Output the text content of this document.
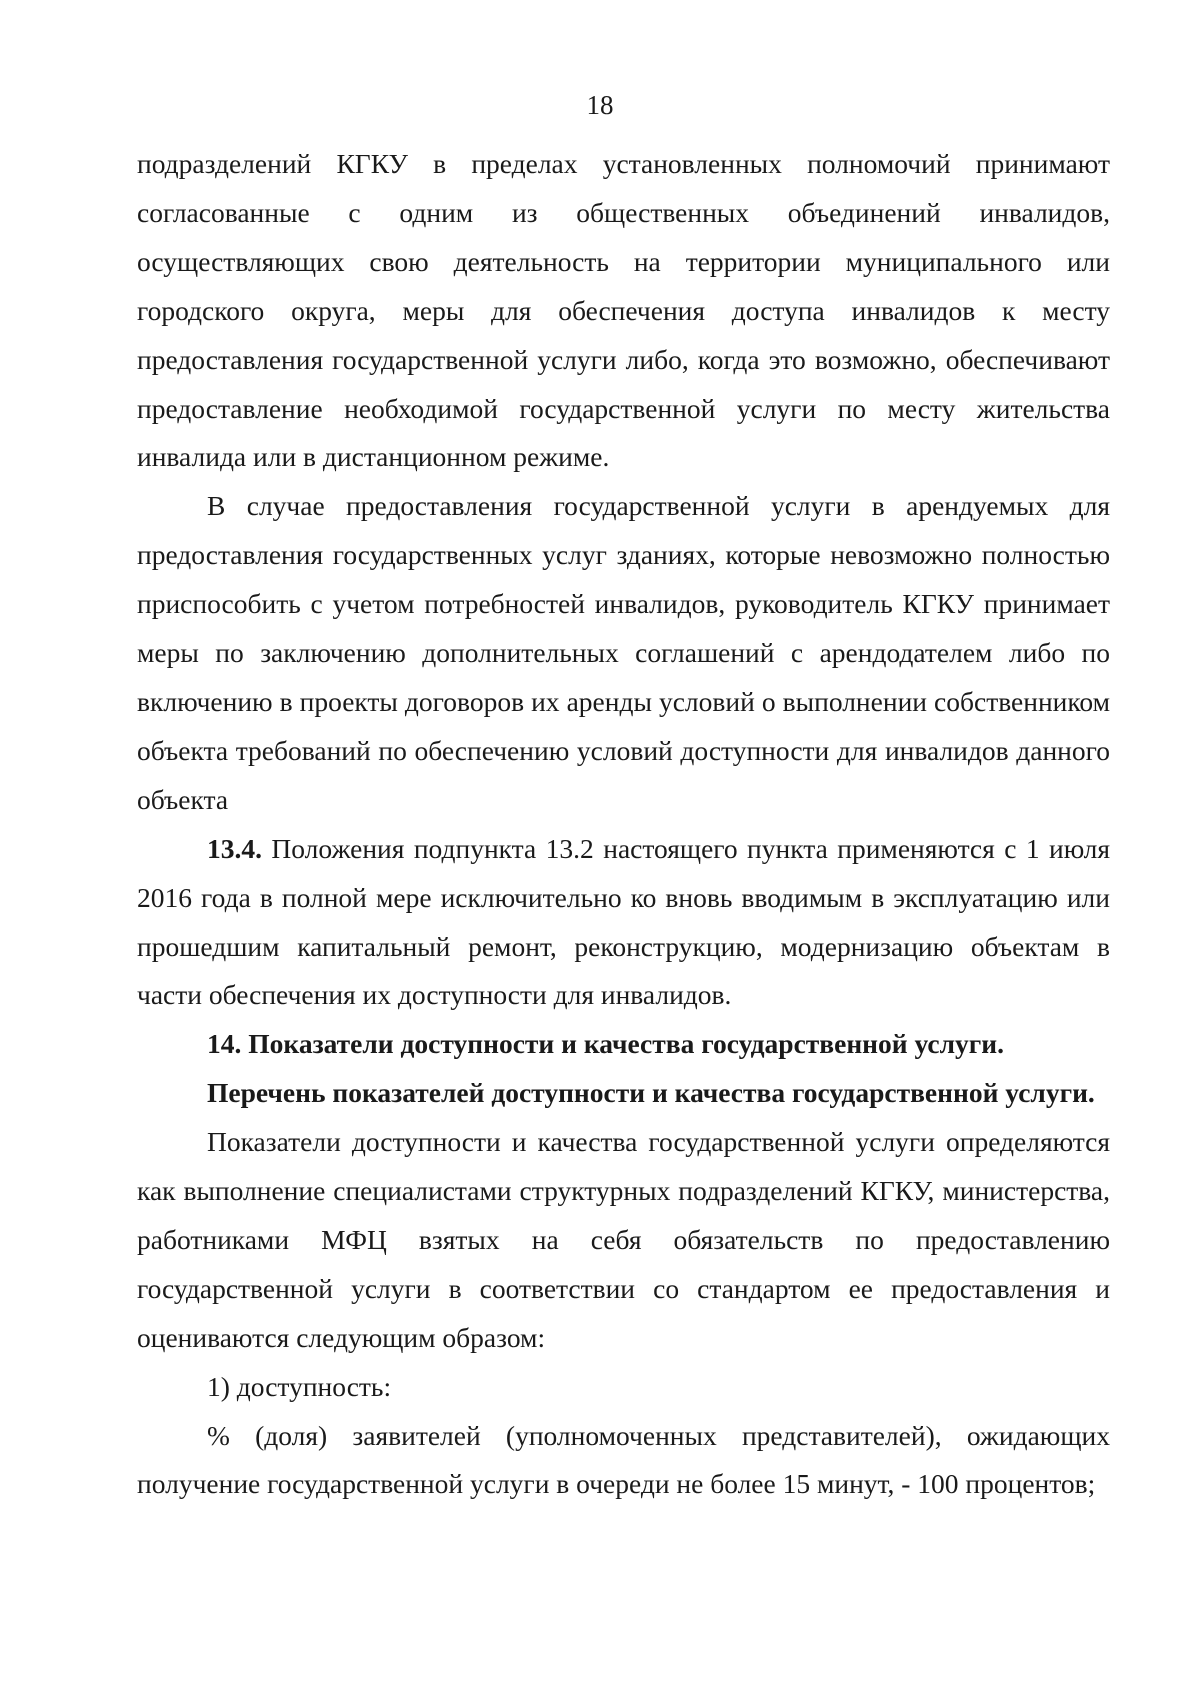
18

подразделений КГКУ в пределах установленных полномочий принимают согласованные с одним из общественных объединений инвалидов, осуществляющих свою деятельность на территории муниципального или городского округа, меры для обеспечения доступа инвалидов к месту предоставления государственной услуги либо, когда это возможно, обеспечивают предоставление необходимой государственной услуги по месту жительства инвалида или в дистанционном режиме.

В случае предоставления государственной услуги в арендуемых для предоставления государственных услуг зданиях, которые невозможно полностью приспособить с учетом потребностей инвалидов, руководитель КГКУ принимает меры по заключению дополнительных соглашений с арендодателем либо по включению в проекты договоров их аренды условий о выполнении собственником объекта требований по обеспечению условий доступности для инвалидов данного объекта

13.4. Положения подпункта 13.2 настоящего пункта применяются с 1 июля 2016 года в полной мере исключительно ко вновь вводимым в эксплуатацию или прошедшим капитальный ремонт, реконструкцию, модернизацию объектам в части обеспечения их доступности для инвалидов.

14. Показатели доступности и качества государственной услуги.

Перечень показателей доступности и качества государственной услуги.

Показатели доступности и качества государственной услуги определяются как выполнение специалистами структурных подразделений КГКУ, министерства, работниками МФЦ взятых на себя обязательств по предоставлению государственной услуги в соответствии со стандартом ее предоставления и оцениваются следующим образом:

1) доступность:

% (доля) заявителей (уполномоченных представителей), ожидающих получение государственной услуги в очереди не более 15 минут, - 100 процентов;
